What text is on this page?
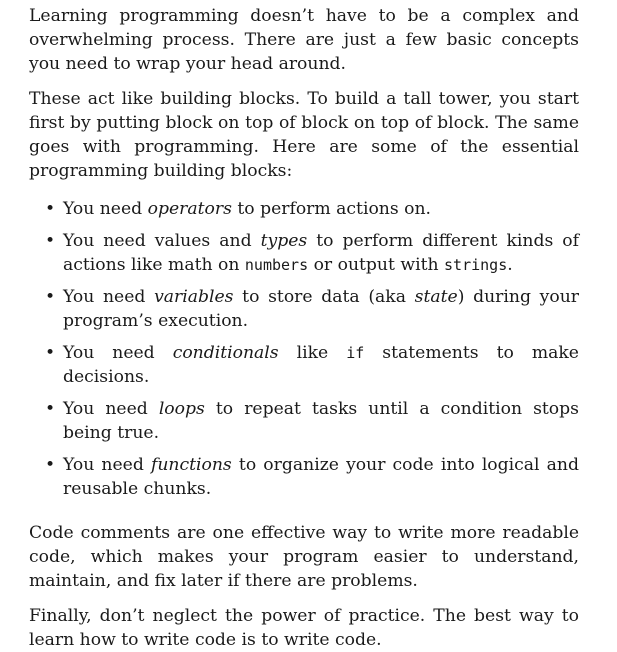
Learning programming doesn’t have to be a complex and overwhelming process. There are just a few basic concepts you need to wrap your head around.

These act like building blocks. To build a tall tower, you start first by putting block on top of block on top of block. The same goes with programming. Here are some of the essential programming building blocks:

• You need operators to perform actions on.
• You need values and types to perform different kinds of actions like math on numbers or output with strings.
• You need variables to store data (aka state) during your program’s execution.
• You need conditionals like if statements to make decisions.
• You need loops to repeat tasks until a condition stops being true.
• You need functions to organize your code into logical and reusable chunks.

Code comments are one effective way to write more readable code, which makes your program easier to understand, maintain, and fix later if there are problems.

Finally, don’t neglect the power of practice. The best way to learn how to write code is to write code.
